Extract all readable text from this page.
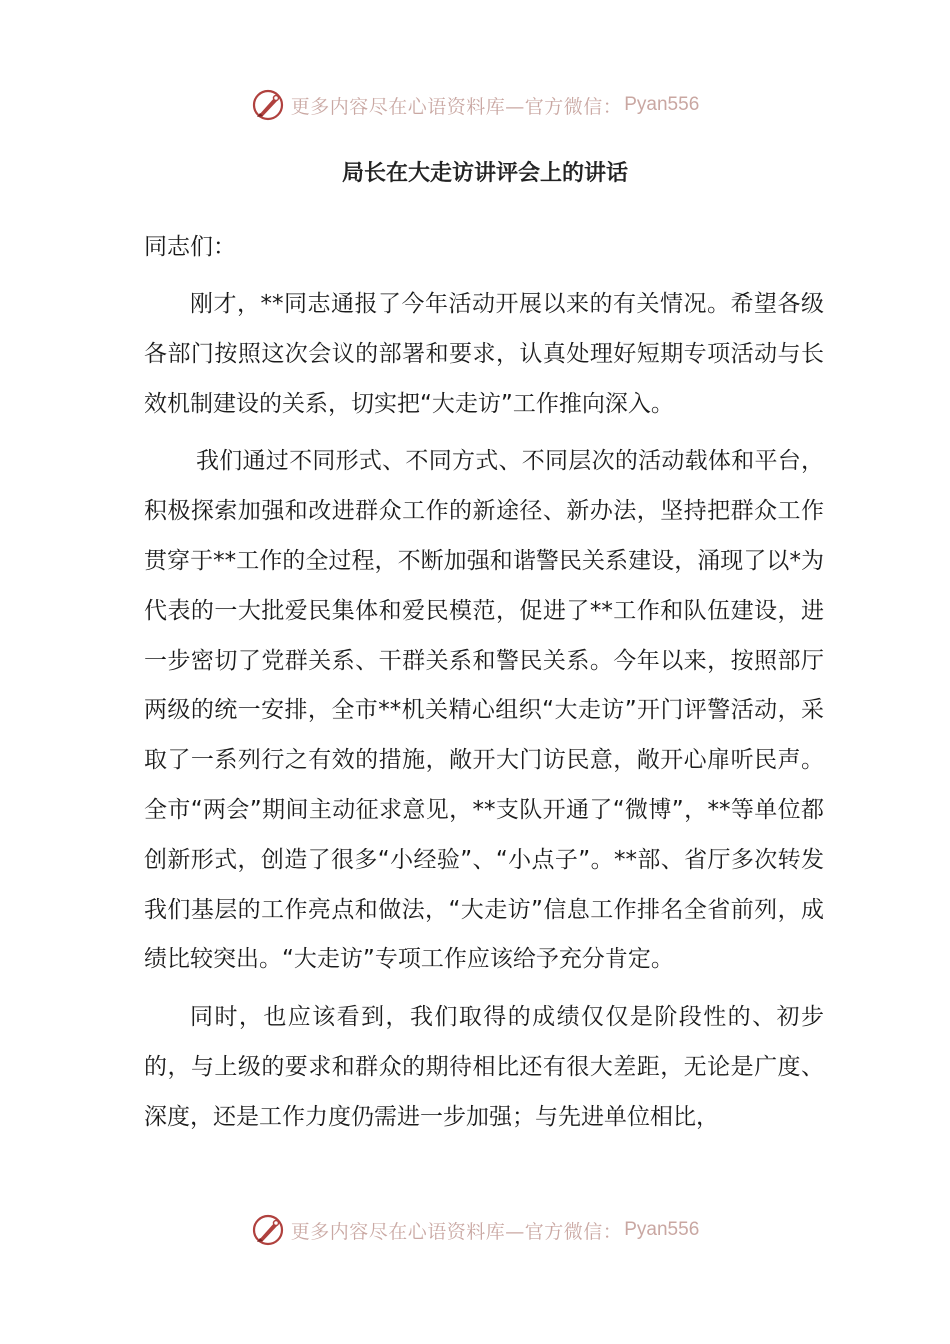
更多内容尽在心语资料库—官方微信： Pyan556
局长在大走访讲评会上的讲话

同志们：

刚才，**同志通报了今年活动开展以来的有关情况。希望各级各部门按照这次会议的部署和要求，认真处理好短期专项活动与长效机制建设的关系，切实把“大走访”工作推向深入。

我们通过不同形式、不同方式、不同层次的活动载体和平台，积极探索加强和改进群众工作的新途径、新办法，坚持把群众工作贯穿于**工作的全过程，不断加强和谐警民关系建设，涌现了以*为代表的一大批爱民集体和爱民模范，促进了**工作和队伍建设，进一步密切了党群关系、干群关系和警民关系。今年以来，按照部厅两级的统一安排，全市**机关精心组织“大走访”开门评警活动，采取了一系列行之有效的措施，敞开大门访民意，敞开心扉听民声。全市“两会”期间主动征求意见，**支队开通了“微博”，**等单位都创新形式，创造了很多“小经验”、“小点子”。**部、省厅多次转发我们基层的工作亮点和做法，“大走访”信息工作排名全省前列，成绩比较突出。“大走访”专项工作应该给予充分肯定。

同时，也应该看到，我们取得的成绩仅仅是阶段性的、初步的，与上级的要求和群众的期待相比还有很大差距，无论是广度、深度，还是工作力度仍需进一步加强；与先进单位相比，

更多内容尽在心语资料库—官方微信： Pyan556
